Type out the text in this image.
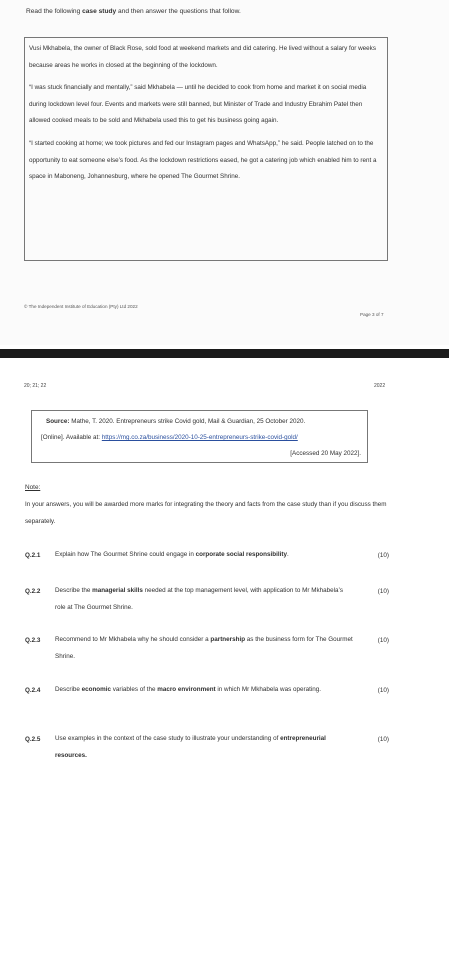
Read the following case study and then answer the questions that follow.

Vusi Mkhabela, the owner of Black Rose, sold food at weekend markets and did catering. He lived without a salary for weeks because areas he works in closed at the beginning of the lockdown.

“I was stuck financially and mentally,” said Mkhabela — until he decided to cook from home and market it on social media during lockdown level four. Events and markets were still banned, but Minister of Trade and Industry Ebrahim Patel then allowed cooked meals to be sold and Mkhabela used this to get his business going again.

“I started cooking at home; we took pictures and fed our Instagram pages and WhatsApp,” he said. People latched on to the opportunity to eat someone else’s food. As the lockdown restrictions eased, he got a catering job which enabled him to rent a space in Maboneng, Johannesburg, where he opened The Gourmet Shrine.

© The Independent Institute of Education (Pty) Ltd 2022
Page 3 of 7
20; 21; 22	2022
Source: Mathe, T. 2020. Entrepreneurs strike Covid gold, Mail & Guardian, 25 October 2020.
[Online]. Available at: https://mg.co.za/business/2020-10-25-entrepreneurs-strike-covid-gold/
[Accessed 20 May 2022].
Note:
In your answers, you will be awarded more marks for integrating the theory and facts from the case study than if you discuss them separately.
Q.2.1 Explain how The Gourmet Shrine could engage in corporate social responsibility.	(10)
Q.2.2 Describe the managerial skills needed at the top management level, with application to Mr Mkhabela’s role at The Gourmet Shrine.
(10)
Q.2.3 Recommend to Mr Mkhabela why he should consider a partnership as the business form for The Gourmet Shrine.
(10)
Q.2.4 Describe economic variables of the macro environment in which Mr Mkhabela was operating.	(10)
Q.2.5 Use examples in the context of the case study to illustrate your understanding of entrepreneurial resources.
(10)
